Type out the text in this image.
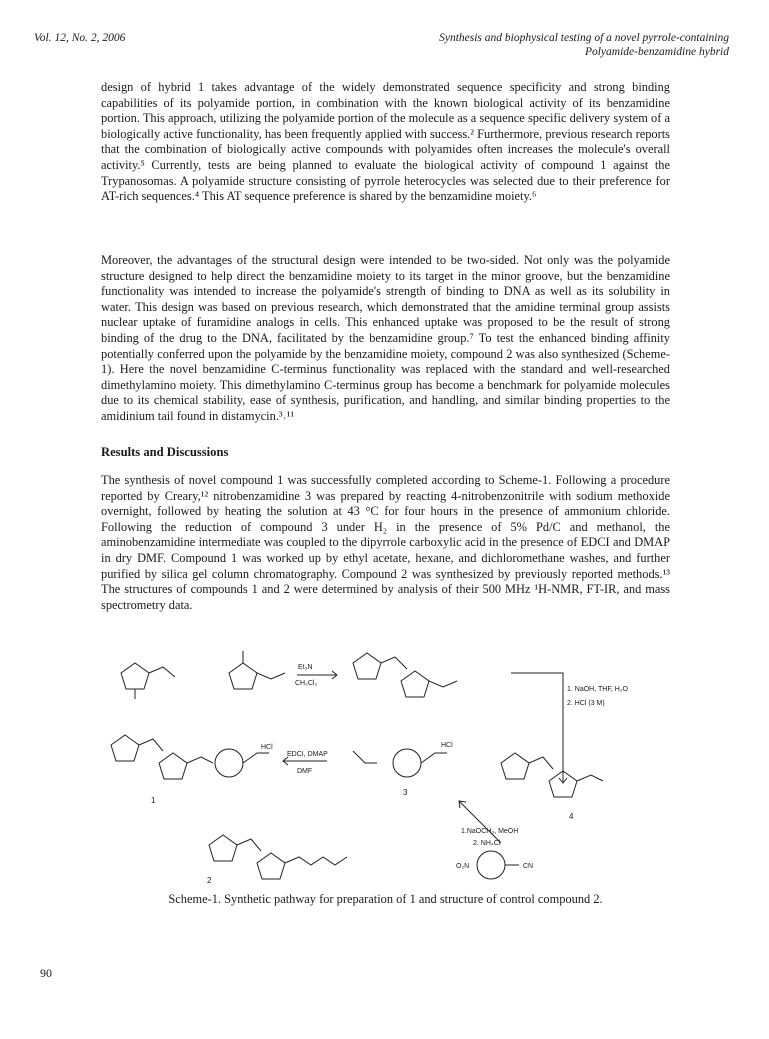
Vol. 12, No. 2, 2006	Synthesis and biophysical testing of a novel pyrrole-containing
Polyamide-benzamidine hybrid

design of hybrid 1 takes advantage of the widely demonstrated sequence specificity and strong binding capabilities of its polyamide portion, in combination with the known biological activity of its benzamidine portion. This approach, utilizing the polyamide portion of the molecule as a sequence specific delivery system of a biologically active functionality, has been frequently applied with success.² Furthermore, previous research reports that the combination of biologically active compounds with polyamides often increases the molecule's overall activity.⁵ Currently, tests are being planned to evaluate the biological activity of compound 1 against the Trypanosomas. A polyamide structure consisting of pyrrole heterocycles was selected due to their preference for AT-rich sequences.⁴ This AT sequence preference is shared by the benzamidine moiety.⁶

Moreover, the advantages of the structural design were intended to be two-sided. Not only was the polyamide structure designed to help direct the benzamidine moiety to its target in the minor groove, but the benzamidine functionality was intended to increase the polyamide's strength of binding to DNA as well as its solubility in water. This design was based on previous research, which demonstrated that the amidine terminal group assists nuclear uptake of furamidine analogs in cells. This enhanced uptake was proposed to be the result of strong binding of the drug to the DNA, facilitated by the benzamidine group.⁷ To test the enhanced binding affinity potentially conferred upon the polyamide by the benzamidine moiety, compound 2 was also synthesized (Scheme-1). Here the novel benzamidine C-terminus functionality was replaced with the standard and well-researched dimethylamino moiety. This dimethylamino C-terminus group has become a benchmark for polyamide molecules due to its chemical stability, ease of synthesis, purification, and handling, and similar binding properties to the amidinium tail found in distamycin.³˒¹¹

Results and Discussions

The synthesis of novel compound 1 was successfully completed according to Scheme-1. Following a procedure reported by Creary,¹² nitrobenzamidine 3 was prepared by reacting 4-nitrobenzonitrile with sodium methoxide overnight, followed by heating the solution at 43 °C for four hours in the presence of ammonium chloride. Following the reduction of compound 3 under H₂ in the presence of 5% Pd/C and methanol, the aminobenzamidine intermediate was coupled to the dipyrrole carboxylic acid in the presence of EDCI and DMAP in dry DMF. Compound 1 was worked up by ethyl acetate, hexane, and dichloromethane washes, and further purified by silica gel column chromatography. Compound 2 was synthesized by previously reported methods.¹³ The structures of compounds 1 and 2 were determined by analysis of their 500 MHz ¹H-NMR, FT-IR, and mass spectrometry data.

Et₃N
CH₂Cl₂
1. NaOH, THF, H₂O
2. HCl (3 M)
EDCI, DMAP
DMF
1.NaOCH₃, MeOH
2. NH₄Cl
HCl	HCl
CN
O₂N
1
3
4
2
Scheme-1. Synthetic pathway for preparation of 1 and structure of control compound 2.
90
